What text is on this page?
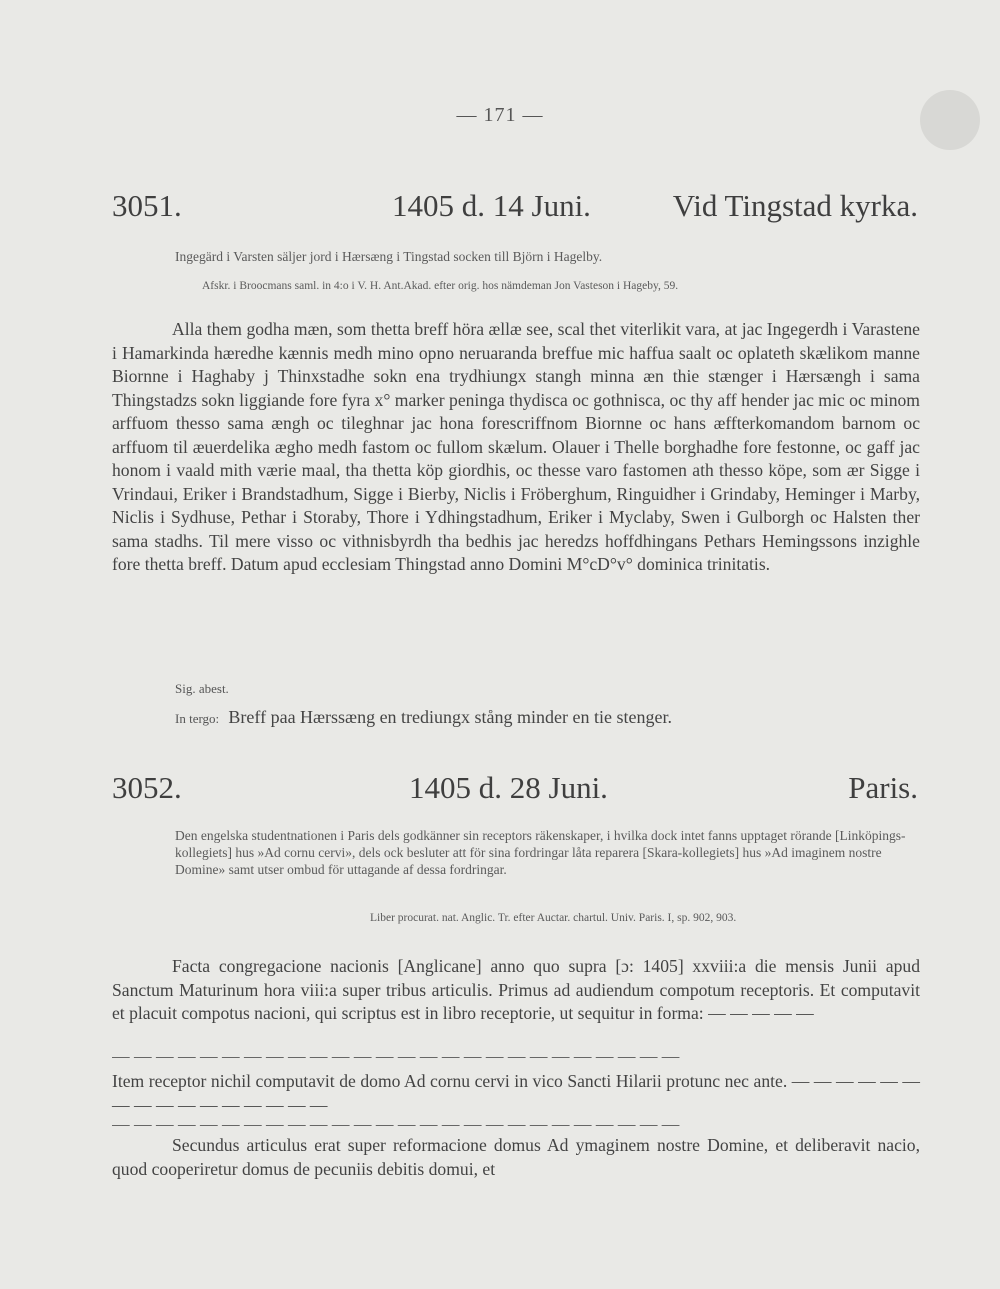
— 171 —
3051.	1405 d. 14 Juni.	Vid Tingstad kyrka.
Ingegärd i Varsten säljer jord i Hærsæng i Tingstad socken till Björn i Hagelby.
Afskr. i Broocmans saml. in 4:o i V. H. Ant.Akad. efter orig. hos nämdeman Jon Vasteson i Hageby, 59.

Alla them godha mæn, som thetta breff höra ællæ see, scal thet viterlikit vara, at jac Ingegerdh i Varastene i Hamarkinda hæredhe kænnis medh mino opno neruaranda breffue mic haffua saalt oc oplateth skælikom manne Biornne i Haghaby j Thinxstadhe sokn ena trydhiungx stangh minna æn thie stænger i Hærsængh i sama Thingstadzs sokn liggiande fore fyra x° marker peninga thydisca oc gothnisca, oc thy aff hender jac mic oc minom arffuom thesso sama ængh oc tileghnar jac hona forescriffnom Biornne oc hans æffterkomandom barnom oc arffuom til æuerdelika ægho medh fastom oc fullom skælum. Olauer i Thelle borghadhe fore festonne, oc gaff jac honom i vaald mith værie maal, tha thetta köp giordhis, oc thesse varo fastomen ath thesso köpe, som ær Sigge i Vrindaui, Eriker i Brandstadhum, Sigge i Bierby, Niclis i Fröberghum, Ringuidher i Grindaby, Heminger i Marby, Niclis i Sydhuse, Pethar i Storaby, Thore i Ydhingstadhum, Eriker i Myclaby, Swen i Gulborgh oc Halsten ther sama stadhs. Til mere visso oc vithnisbyrdh tha bedhis jac heredzs hoffdhingans Pethars Hemingssons inzighle fore thetta breff. Datum apud ecclesiam Thingstad anno Domini M°cD°v° dominica trinitatis.

Sig. abest.
In tergo: Breff paa Hærssæng en trediungx stång minder en tie stenger.
3052.	1405 d. 28 Juni.	Paris.
Den engelska studentnationen i Paris dels godkänner sin receptors räkenskaper, i hvilka dock intet fanns upptaget rörande [Linköpings-kollegiets] hus »Ad cornu cervi», dels ock besluter att för sina fordringar låta reparera [Skara-kollegiets] hus »Ad imaginem nostre Domine» samt utser ombud för uttagande af dessa fordringar.
Liber procurat. nat. Anglic. Tr. efter Auctar. chartul. Univ. Paris. I, sp. 902, 903.

Facta congregacione nacionis [Anglicane] anno quo supra [ɔ: 1405] xxviii:a die mensis Junii apud Sanctum Maturinum hora viii:a super tribus articulis. Primus ad audiendum compotum receptoris. Et computavit et placuit compotus nacioni, qui scriptus est in libro receptorie, ut sequitur in forma: — — — — —

— — — — — — — — — — — — — — — — — — — — — — — — — —

Item receptor nichil computavit de domo Ad cornu cervi in vico Sancti Hilarii protunc nec ante. — — — — — — — — — — — — — — — —

— — — — — — — — — — — — — — — — — — — — — — — — — —

Secundus articulus erat super reformacione domus Ad ymaginem nostre Domine, et deliberavit nacio, quod cooperiretur domus de pecuniis debitis domui, et
